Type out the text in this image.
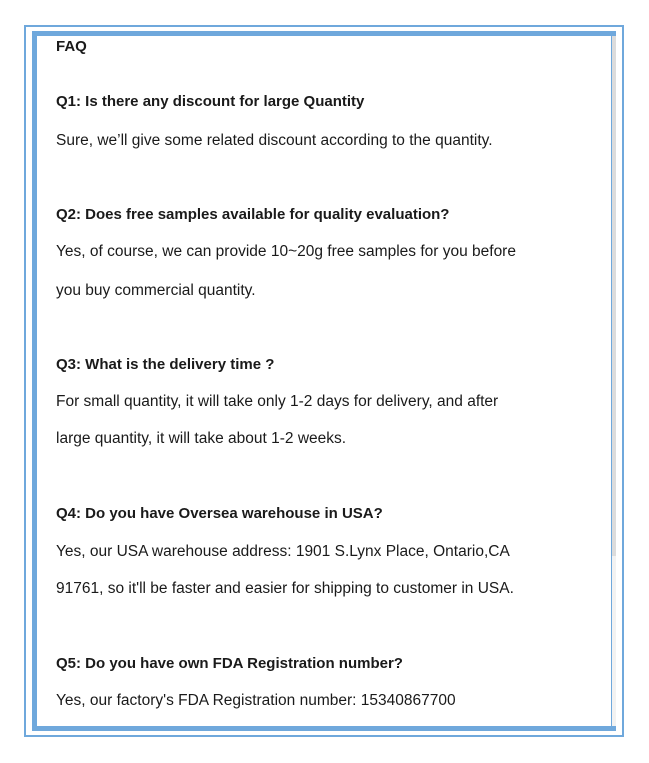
FAQ
Q1: Is there any discount for large Quantity
Sure, we’ll give some related discount according to the quantity.
Q2: Does free samples available for quality evaluation?
Yes, of course, we can provide 10~20g free samples for you before
you buy commercial quantity.
Q3: What is the delivery time ?
For small quantity, it will take only 1-2 days for delivery, and after
large quantity, it will take about 1-2 weeks.
Q4: Do you have Oversea warehouse in USA?
Yes, our USA warehouse address: 1901 S.Lynx Place, Ontario,CA
91761, so it'll be faster and easier for shipping to customer in USA.
Q5: Do you have own FDA Registration number?
Yes, our factory's FDA Registration number: 15340867700
